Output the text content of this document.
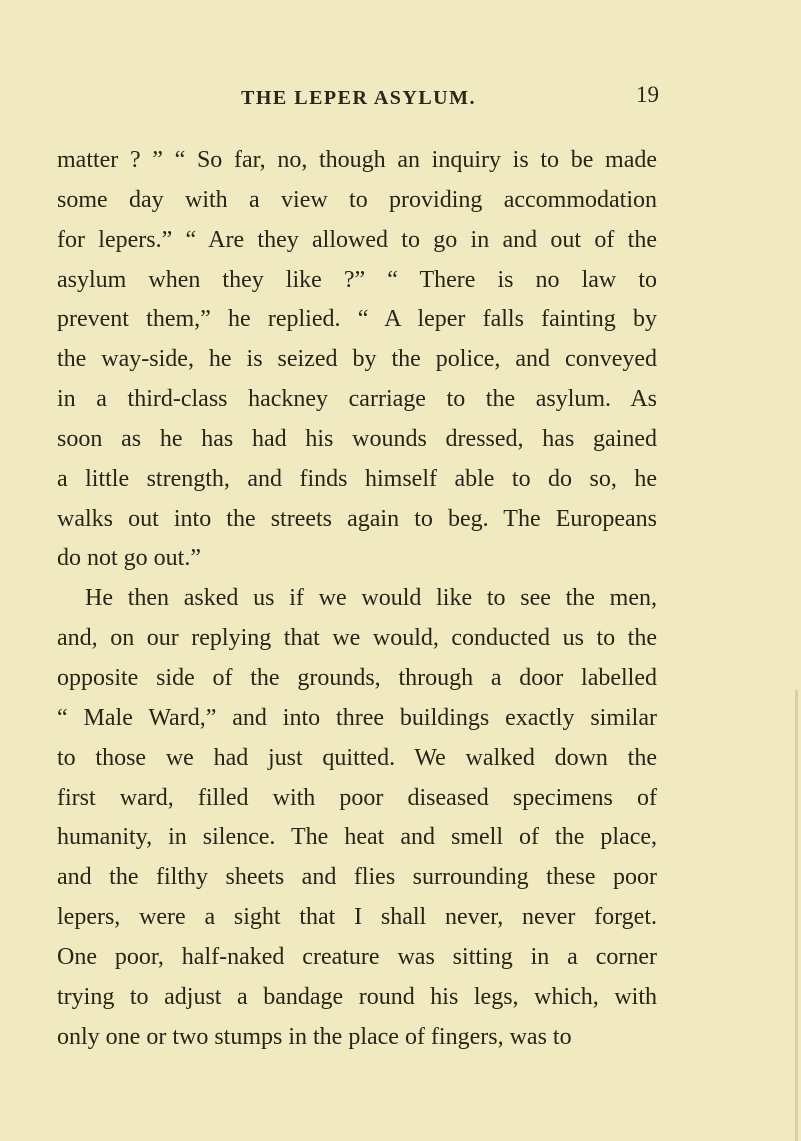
THE LEPER ASYLUM.	19
matter ? ” “ So far, no, though an inquiry is to be made
some day with a view to providing accommodation
for lepers.” “ Are they allowed to go in and out of the
asylum when they like ?” “ There is no law to
prevent them,” he replied. “ A leper falls fainting by
the way-side, he is seized by the police, and conveyed
in a third-class hackney carriage to the asylum. As
soon as he has had his wounds dressed, has gained
a little strength, and finds himself able to do so, he
walks out into the streets again to beg. The Europeans
do not go out.”
He then asked us if we would like to see the men,
and, on our replying that we would, conducted us to the
opposite side of the grounds, through a door labelled
“ Male Ward,” and into three buildings exactly similar
to those we had just quitted. We walked down the
first ward, filled with poor diseased specimens of
humanity, in silence. The heat and smell of the place,
and the filthy sheets and flies surrounding these poor
lepers, were a sight that I shall never, never forget.
One poor, half-naked creature was sitting in a corner
trying to adjust a bandage round his legs, which, with
only one or two stumps in the place of fingers, was to
